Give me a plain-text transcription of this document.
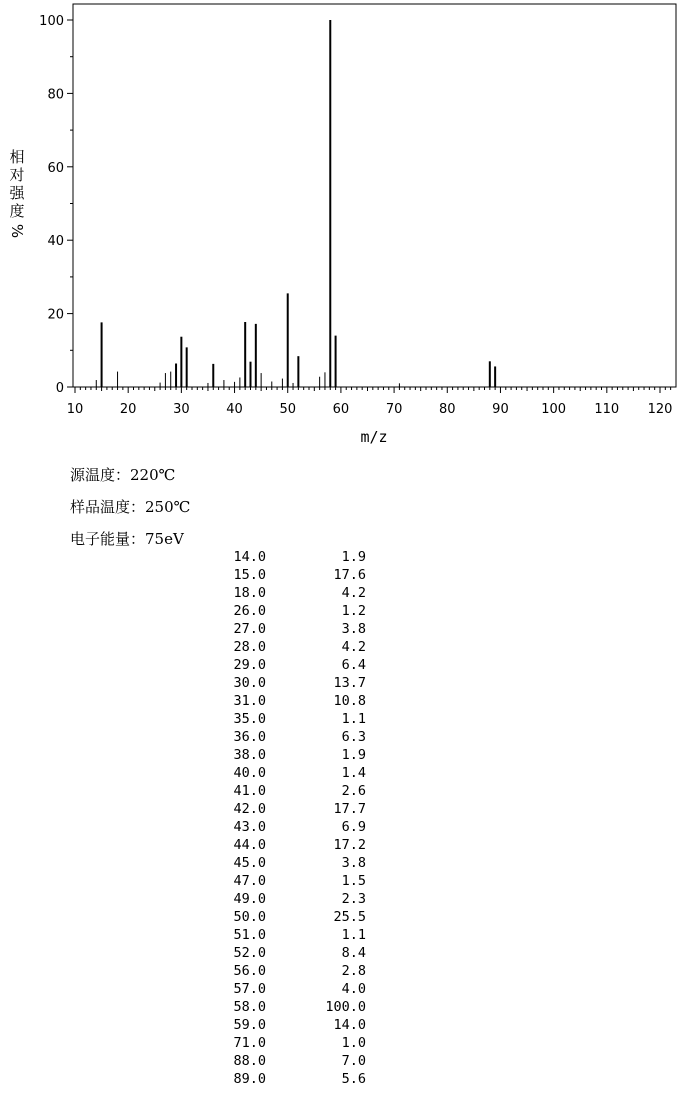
10	20	30	40	50	60	70	80	90 100 110 120
0
20
40
60
80
100
m/z
相
对
强
度
%
源温度：220℃
样品温度：250℃
电子能量：75eV
14.0	1.9
15.0	17.6
18.0	4.2
26.0	1.2
27.0	3.8
28.0	4.2
29.0	6.4
30.0	13.7
31.0	10.8
35.0	1.1
36.0	6.3
38.0	1.9
40.0	1.4
41.0	2.6
42.0	17.7
43.0	6.9
44.0	17.2
45.0	3.8
47.0	1.5
49.0	2.3
50.0	25.5
51.0	1.1
52.0	8.4
56.0	2.8
57.0	4.0
58.0	100.0
59.0	14.0
71.0	1.0
88.0	7.0
89.0	5.6
